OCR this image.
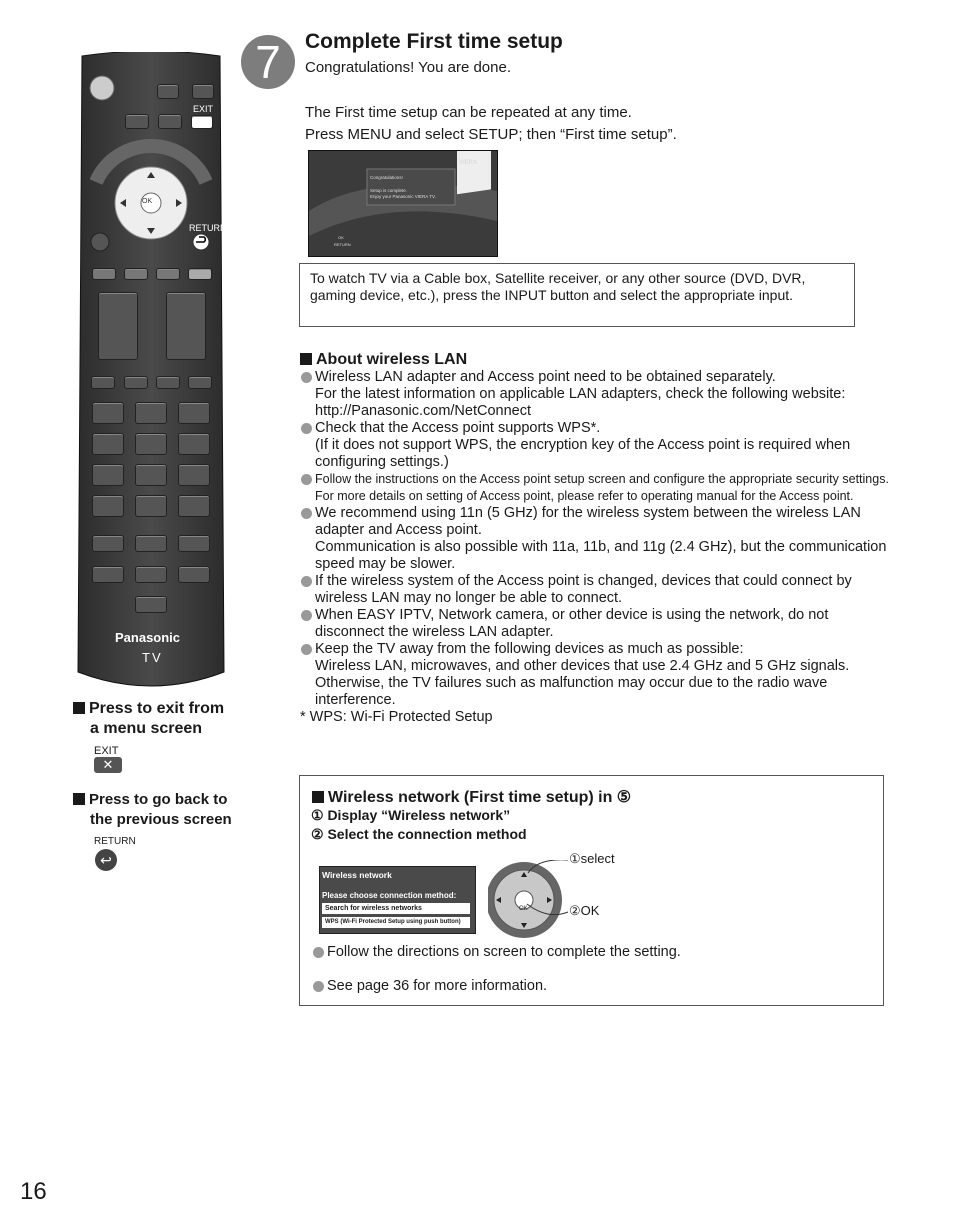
EXIT
OK
RETURN
Panasonic
TV
Press to exit from
a menu screen
EXIT
✕
Press to go back to
the previous screen
RETURN
↩
7	Complete First time setup
Congratulations! You are done.
The First time setup can be repeated at any time.
Press MENU and select SETUP; then “First time setup”.
VIERA
Congratulations!
Setup is complete.
Enjoy your Panasonic VIERA TV.
OK
RETURN
To watch TV via a Cable box, Satellite receiver, or any other source (DVD, DVR, gaming device, etc.), press the INPUT button and select the appropriate input.
About wireless LAN
Wireless LAN adapter and Access point need to be obtained separately.
For the latest information on applicable LAN adapters, check the following website:
http://Panasonic.com/NetConnect
Check that the Access point supports WPS*.
(If it does not support WPS, the encryption key of the Access point is required when configuring settings.)
Follow the instructions on the Access point setup screen and configure the appropriate security settings.
For more details on setting of Access point, please refer to operating manual for the Access point.
We recommend using 11n (5 GHz) for the wireless system between the wireless LAN adapter and Access point.
Communication is also possible with 11a, 11b, and 11g (2.4 GHz), but the communication speed may be slower.
If the wireless system of the Access point is changed, devices that could connect by wireless LAN may no longer be able to connect.
When EASY IPTV, Network camera, or other device is using the network, do not disconnect the wireless LAN adapter.
Keep the TV away from the following devices as much as possible:
Wireless LAN, microwaves, and other devices that use 2.4 GHz and 5 GHz signals. Otherwise, the TV failures such as malfunction may occur due to the radio wave interference.
* WPS: Wi-Fi Protected Setup
Wireless network (First time setup) in ⑤
① Display “Wireless network”
② Select the connection method
Wireless network
Please choose connection method:
Search for wireless networks
WPS (Wi-Fi Protected Setup using push button)
OK
①select
②OK
Follow the directions on screen to complete the setting.
See page 36 for more information.
16
